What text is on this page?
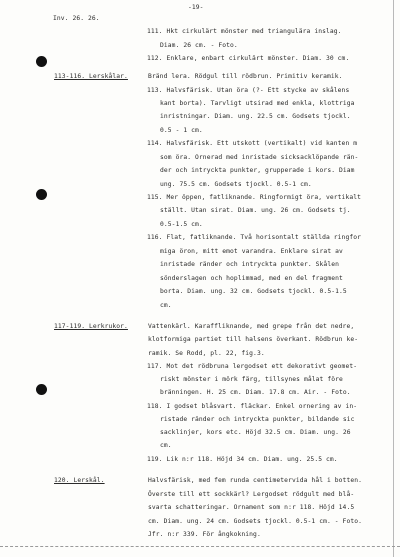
-19-
Inv. 26. 26.
111. Hkt cirkulärt mönster med triangulära inslag.
Diam. 26 cm. - Foto.
112. Enklare, enbart cirkulärt mönster. Diam. 30 cm.
113-116. Lerskålar.	Bränd lera. Rödgul till rödbrun. Primitiv keramik.
113. Halvsfärisk. Utan öra (?- Ett stycke av skålens
kant borta). Tarvligt utsirad med enkla, klottriga
inristningar. Diam. ung. 22.5 cm. Godsets tjockl.
0.5 - 1 cm.
114. Halvsfärisk. Ett utskott (vertikalt) vid kanten m
som öra. Ornerad med inristade sicksacklöpande rän-
der och intryckta punkter, grupperade i kors. Diam
ung. 75.5 cm. Godsets tjockl. 0.5-1 cm.
115. Mer öppen, fatliknande. Ringformigt öra, vertikalt
ställt. Utan sirat. Diam. ung. 26 cm. Godsets tj.
0.5-1.5 cm.
116. Flat, fatliknande. Två horisontalt ställda ringfor
miga öron, mitt emot varandra. Enklare sirat av
inristade ränder och intryckta punkter. Skålen
sönderslagen och hoplimmad, med en del fragment
borta. Diam. ung. 32 cm. Godsets tjockl. 0.5-1.5
cm.
117-119. Lerkrukor.	Vattenkärl. Karaffliknande, med grepe från det nedre,
klotformiga partiet till halsens överkant. Rödbrun ke-
ramik. Se Rodd, pl. 22, fig.3.
117. Mot det rödbruna lergodset ett dekorativt geomet-
riskt mönster i mörk färg, tillsynes målat före
bränningen. H. 25 cm. Diam. 17.8 cm. Air. - Foto.
118. I godset blåsvart. fläckar. Enkel ornering av in-
ristade ränder och intryckta punkter, bildande sic
sacklinjer, kors etc. Höjd 32.5 cm. Diam. ung. 26
cm.
119. Lik n:r 118. Höjd 34 cm. Diam. ung. 25.5 cm.
120. Lerskål.	Halvsfärisk, med fem runda centimetervida hål i botten.
Överste till ett sockkärl? Lergodset rödgult med blå-
svarta schatteringar. Ornament som n:r 118. Höjd 14.5
cm. Diam. ung. 24 cm. Godsets tjockl. 0.5-1 cm. - Foto.
Jfr. n:r 339. För ångkokning.
